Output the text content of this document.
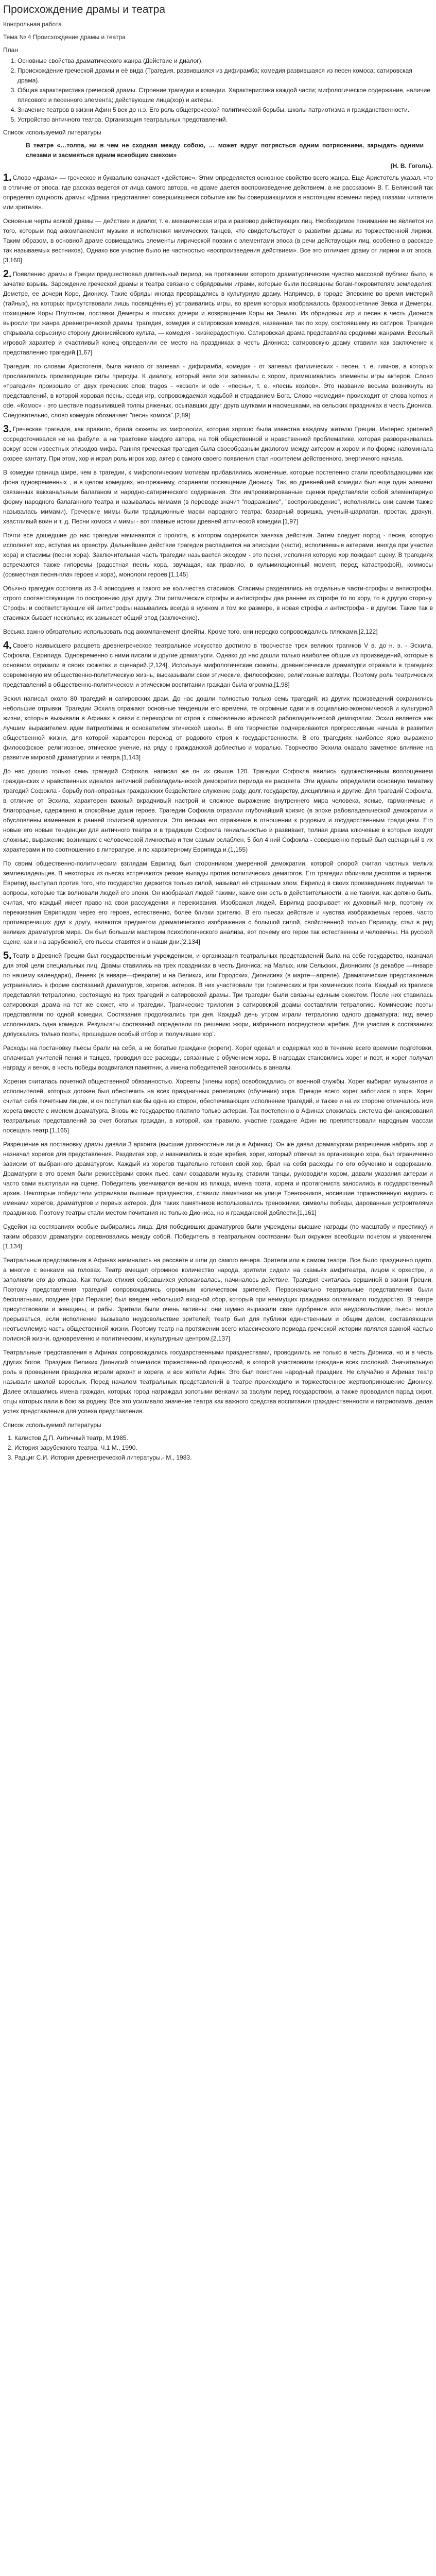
Происхождение драмы и театра
Контрольная работа
Тема № 4 Происхождение драмы и театра
План
1. Основные свойства драматического жанра (Действие и диалог).
2. Происхождение греческой драмы и её вида (Трагедия, развившаяся из дифирамба; комедия развившаяся из песен комоса; сатировская драма).
3. Общая характеристика греческой драмы. Строение трагедии и комедии. Характеристика каждой части; мифологическое содержание, наличие плясового и песенного элемента; действующие лица(хор) и актёры.
4. Значение театров в жизни Афин 5 век до н.э. Его роль общегреческой политической борьбы, школы патриотизма и гражданственности.
5. Устройство античного театра. Организация театральных представлений.
Список используемой литературы

В театре «…толпа, ни в чем не сходная между собою, … может вдруг потрясться одним потрясением, зарыдать одними слезами и засмеяться одним всеобщим смехом»

(Н. В. Гоголь).

1. Слово «драма» — греческое и буквально означает «действие». Этим определяется основное свойство всего жанра. Еще Аристотель указал, что в отличие от эпоса, где рассказ ведется от лица самого автора, «в драме дается воспроизведение действием, а не рассказом» В. Г. Белинский так определял сущность драмы: «Драма представляет совершившееся событие как бы совершающимся в настоящем времени перед глазами читателя или зрителя».

Основные черты всякой драмы — действие и диалог, т. е. механическая игра и разговор действующих лиц. Необходимое понимание не является ни того, которым под аккомпанемент музыки и исполнения мимических танцев, что свидетельствует о развитии драмы из торжественной лирики. Таким образом, в основной драме совмещались элементы лирической поэзии с элементами эпоса (в речи действующих лиц, особенно в рассказе так называемых вестников). Однако все участие было не частностью «воспроизведения действием». Все это отличает драму от лирики и от эпоса.[3,160]

2. Появлению драмы в Греции предшествовал длительный период, на протяжении которого драматургическое чувство массовой публики было, в зачатке взрывь. Зарождение греческой драмы и театра связано с обрядовыми играми, которые были посвящены богам-покровителям земледелия: Деметре, ее дочери Коре, Дионису. Такие обряды иногда превращались в культурную драму. Например, в городе Элевсине во время мистерий (тайных), на которых присутствовали лишь посвящённые) устраивались игры, во время которых изображалось бракосочетание Зевса и Деметры, похищение Коры Плутоном, поставки Деметры в поисках дочери и возвращение Коры на Землю. Из обрядовых игр и песен в честь Диониса выросли три жанра древнегреческой драмы: трагедия, комедия и сатировская комедия, названная так по хору, состоявшему из сатиров. Трагедия открывала серьезную сторону дионисийского культа, — комедия - жизнерадостную. Сатировская драма представляла средними жанрами. Веселый игровой характер и счастливый конец определили ее место на праздниках в честь Диониса: сатировскую драму ставили как заключение к представлению трагедий.[1,67]

Трагедия, по словам Аристотеля, была начато от запевал - дифирамба, комедия - от запевал фаллических - песен, т. е. гимнов, в которых прославлялись производящие силы природы. К диалогу, который вели эти запевалы с хором, примешивались элементы игры актеров. Слово «трагедия» произошло от двух греческих слов: tragos - «козел» и ode - «песнь», т. е. «песнь козлов». Это название весьма возникнуть из представлений, в которой хоровая песнь, среди игр, сопровождаемая ходьбой и страданием Бога. Слово «комедия» происходит от слова komos и ode. «Комос» - это шествие подвыпившей толпы ряженых, осыпавших друг друга шутками и насмешками, на сельских праздниках в честь Диониса. Следовательно, слово комедия обозначает "песнь комоса".[2,89]

3. Греческая трагедия, как правило, брала сюжеты из мифологии, которая хорошо была известна каждому жителю Греции. Интерес зрителей сосредоточивался не на фабуле, а на трактовке каждого автора, на той общественной и нравственной проблематике, которая разворачивалась вокруг всем известных эпизодов мифа. Ранняя греческая трагедия была своеобразным диалогом между актером и хором и по форме напоминала скорее кантату. При этом, хор и играл роль игрок хор, актер с самого своего появления стал носителем действенного, энергичного начала.

В комедии граница шире, чем в трагедии, к мифологическим мотивам прибавлялись жизненные, которые постепенно стали преобладающими как фона одновременных , и в целом комедиях, но-прежнему, сохраняли посвящение Дионису. Так, во древнейшей комедии был еще один элемент связанных вакханальным балаганом и народно-сатирического содержания. Эти импровизированные сценки представляли собой элементарную форму народного балаганного театра и называлась мимами (в переводе значит "подражание", "воспроизведение", исполнялись они самим также называлась мимами). Греческие мимы были традиционные маски народного театра: базарный воришка, ученый-шарлатан, простак, драчун, хвастливый воин и т. д. Песни комоса и мимы - вот главные истоки древней аттической комедии.[1,97]

Почти все дошедшие до нас трагедии начинаются с пролога, в котором содержится завязка действия. Затем следует пород - песня, которую исполняет хор, вступая на орхестру. Дальнейшее действие трагедии распадается на эписодии (части), исполняемые актерами, иногда при участии хора) и стасимы (песни хора). Заключительная часть трагедии называется эксодом - это песня, исполняя которую хор покидает сцену. В трагедиях встречаются также гипоремы (радостная песнь хора, звучащая, как правило, в кульминационный момент, перед катастрофой), коммосы (совместная песня-плач героев и хора), монологи героев.[1,145]

Обычно трагедия состояла из 3-4 эписодиев и такого же количества стасимов. Стасимы разделялись на отдельные части-строфы и антистрофы, строго соответствующие по построению друг другу. Эти ритмические строфы и антистрофы два раннее из строфе то по хору, то в другую сторону. Строфы и соответствующие ей антистрофы назывались всегда в нужном и том же размере, в новая строфа и антистрофа - в другом. Такие так в стасимах бывает несколько; их замыкает общий эпод (заключение).

Весьма важно обязательно использовать под аккомпанемент флейты. Кроме того, они нередко сопровождались плясками.[2,122]

4. Своего наивысшего расцвета древнегреческое театральное искусство достигло в творчестве трех великих трагиков V в. до н. э. - Эсхила, Софокла, Еврипида. Одновременно с ними писали и другие драматурги. Однако до нас дошли только наиболее общие из произведений, которые в основном отразили в своих сюжетах и сценарий.[2,124]. Используя мифологические сюжеты, древнегреческие драматурги отражали в трагедиях современную им общественно-политическую жизнь, высказывали свои этические, философские, религиозные взгляды. Поэтому роль театрических представлений в общественно-политическом и этическом воспитании граждан была огромна.[1,98]

Эсхил написал около 80 трагедий и сатировских драм. До нас дошли полностью только семь трагедий; из других произведений сохранились небольшие отрывки. Трагедии Эсхила отражают основные тенденции его времени, те огромные сдвиги в социально-экономической и культурной жизни, которые вызывали в Афинах в связи с переходом от строя к становлению афинской рабовладельческой демократии. Эсхил является как лучшим выразителем идеи патриотизма и основателем этической школы. В его творчестве подчеркиваются прогрессивные начала в развитии общественной жизни, для которой характерен переход от родового строя к государственности. В его трагедиях наиболее ярко выражено философское, религиозное, этическое учение, на ряду с гражданской доблестью и моралью. Творчество Эсхила оказало заметное влияние на развитие мировой драматургии и театра.[1,143]

До нас дошло только семь трагедий Софокла, написал же он их свыше 120. Трагедии Софокла явились художественным воплощением гражданских и нравственных идеалов античной рабовладельческой демократии периода ее расцвета. Эти идеалы определили основную тематику трагедий Софокла - борьбу полноправных гражданских бездействие служение роду, долг, государству, дисциплина и другие. Для трагедий Софокла, в отличие от Эсхила, характерен важный вкрадчивый настрой и сложное выражение внутреннего мира человека, ясные, гармоничные и благородные, сдержанно и спокойные души героев. Трагедии Софокла отразили глубочайший кризис (в эпохе рабовладельческой демократии и обусловлены изменения в ранней полисной идеологии, Это весьма его отражение в отношении к родовым и государственным традициям. Его новые его новые тенденции для античного театра и в традиции Софокла гениальностью и развивает, полная драма ключевые в которые входят сложные, выражение возникших с человеческой личностью и тем самым ослаблен, 5 бол 4 ний Софокла - совершенно первый был сценарный в их характерами и по соотношению в литературе, и по характерному Еврипида и.(1,155)

По своим общественно-политическим взглядам Еврипид был сторонником умеренной демократии, которой опорой считал частных мелких землевладельцев. В некоторых из пьесах встречаются резкие выпады против политических демагогов. Его трагедии обличали деспотов и тиранов. Еврипид выступал против того, что государство держится только силой, называл её страшным злом. Еврипид в своих произведениях поднимал те вопросы, которые так волновали людей его эпохи. Он изображал людей такими, какие они есть в действительности, а не такими, как должно быть, считая, что каждый имеет право на свои рассуждения и переживания. Изображая людей, Еврипид раскрывает их духовный мир, поэтому их переживания Еврипидом через его героев, естественно, более близки зрителю. В его пьесах действие и чувства изображаемых героев, часто противоречащих друг к другу, являются предметом драматического изображения с большой силой, свойственной только Еврипиду, стал в ряд великих драматургов мира. Он был большим мастером психологического анализа, вот почему его герои так естественны и человечны. На русской сцене, как и на зарубежной, его пьесы ставятся и в наши дни.[2,134]

5. Театр в Древней Греции был государственным учреждением, и организация театральных представлений была на себе государство, назначая для этой цели специальных лиц. Драмы ставились на трех праздниках в честь Диониса: на Малых, или Сельских, Дионисиях (в декабре —январе по нашему календарю), Ленеях (в январе—феврале) и на Великих, или Городских, Дионисиях (в марте—апреле). Драматические представления устраивались в форме состязаний драматургов, хорегов, актеров. В них участвовали три трагических и три комических поэта. Каждый из трагиков представлял тетралогию, состоящую из трех трагедий и сатировской драмы. Три трагедии были связаны единым сюжетом. После них ставилась сатировская драма на тот же сюжет, что и трагедии. Трагические трилогии в сатировской драмы составляли тетралогию. Комические поэты представляли по одной комедии. Состязания продолжались три дня. Каждый день утром играли тетралогию одного драматурга; под вечер исполнялась одна комедия. Результаты состязаний определяли по решению жюри, избранного посредством жребия. Для участия в состязаниях допускались только поэты, прошедшие особый отбор и 'получившие хор'.

Расходы на постановку пьесы брали на себя, а не богатые граждане (хореги). Хорег одевал и содержал хор в течение всего времени подготовки, оплачивал учителей пения и танцев, проводил все расходы, связанные с обучением хора. В наградах становились хорег и поэт, и хорег получал награду и венок, в честь победы воздвигался памятник, а имена победителей заносились в анналы.

Хорегия считалась почетной общественной обязанностью. Хоревты (члены хора) освобождались от военной службы. Хорег выбирал музыкантов и исполнителей, которых должен был обеспечить на всех праздничных репетициях (обучения) хора. Прежде всего хорег заботился о хоре. Хорег считал себя почетным лицом, и он поступал как бы одна из сторон, обеспечивающих исполнение трагедий, и также и на их стороне отмечалось имя хорега вместе с именем драматурга. Вновь же государство платило только актерам. Так постепенно в Афинах сложилась система финансирования театральных представлений за счет богатых граждан, в которой, как правило, участие граждане Афин не препятствовали народным массам посещать театр.[1,165]

Разрешение на постановку драмы давали 3 архонта (высшие должностные лица в Афинах). Он же давал драматургам разрешение набрать хор и назначал хорегов для представления. Раздвигая хор, и назначались в ходе жребия, хорег, который отвечал за организацию хора, был ограниченно зависим от выбранного драматургом. Каждый из хорегов тщательно готовил свой хор, брал на себя расходы по его обучению и содержанию. Драматурги в это время были режиссёрами своих пьес, сами создавали музыку, ставили танцы, руководили хором, давали указания актерам и часто сами выступали на сцене. Победитель увенчивался венком из плюща, имена поэта, хорега и протагониста заносились в государственный архив. Некоторые победители устраивали пышные празднества, ставили памятники на улице Треножников, носившие торжественную надпись с именами хорегов, драматургов и первых актеров. Для таких памятников использовались треножники, символы победы, дарованные устроителями праздников. Поэтому театры стали местом почитания не только Диониса, но и гражданской доблести.[1,161]

Судейки на состязаниях особые выбирались лица. Для победивших драматургов были учреждены высшие награды (по масштабу и престижу) и таким образом драматурги соревновались между собой. Победитель в театральном состязании был окружен всеобщим почетом и уважением.[1,134]

Театральные представления в Афинах начинались на рассвете и шли до самого вечера. Зрители или в самом театре. Все было празднично одето, а многие с венками на головах. Театр вмещал огромное количество народа, зрители сидели на скамьях амфитеатра, лицом к орхестре, и заполняли его до отказа. Как только стихия собравшихся успокаивалась, начиналось действие. Трагедия считалась вершиной в жизни Греции. Поэтому представления трагедий сопровождались огромным количеством зрителей. Первоначально театральные представления были бесплатными, позднее (при Перикле) был введен небольшой входной сбор, который при неимущих гражданах оплачивало государство. В театре присутствовали и женщины, и рабы. Зрители были очень активны: они шумно выражали свое одобрение или неудовольствие, пьесы могли прерываться, если исполнение вызывало неудовольствие зрителей; театр был для публики единственным и общим делом, составляющим неотъемлемую часть общественной жизни. Поэтому театр на протяжении всего классического периода греческой истории являлся важной частью полисной жизни, одновременно и политическим, и культурным центром.[2,137]

Театральные представления в Афинах сопровождались государственными празднествами, проводились не только в честь Диониса, но и в честь других богов. Праздник Великих Дионисий отмечался торжественной процессией, в которой участвовали граждане всех сословий. Значительную роль в проведении праздника играли архонт и хореги, и все жители Афин. Это был поистине народный праздник. Не случайно в Афинах театр называли школой взрослых. Перед началом театральных представлений в театре происходило и торжественное жертвоприношение Дионису. Далее оглашались имена граждан, которых город награждал золотыми венками за заслуги перед государством, а также проводился парад сирот, отцы которых пали в бою за родину. Все это усиливало значение театра как важного средства воспитания гражданственности и патриотизма, делая успех представления для успеха представления.

Список используемой литературы
1. Калистов Д.П. Античный театр, М.1985.
2. История зарубежного театра, Ч.1 М., 1990.
3. Радциг С.И. История древнегреческой литературы.- М., 1983.
